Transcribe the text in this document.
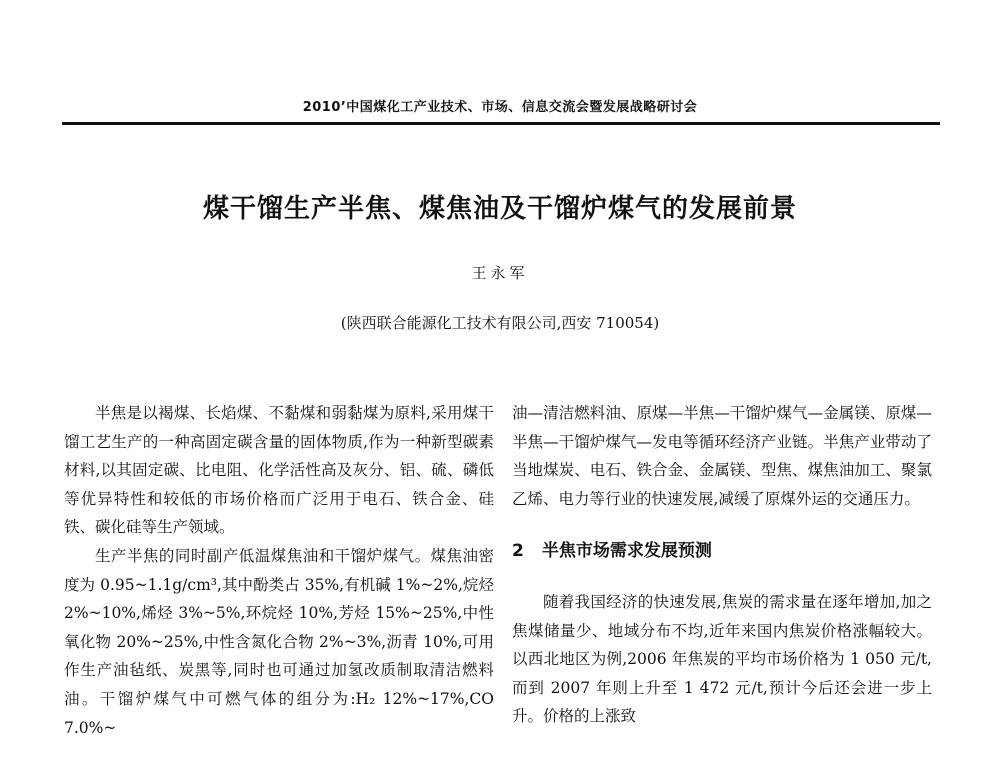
2010’中国煤化工产业技术、市场、信息交流会暨发展战略研讨会
煤干馏生产半焦、煤焦油及干馏炉煤气的发展前景
王永军
(陕西联合能源化工技术有限公司,西安 710054)

半焦是以褐煤、长焰煤、不黏煤和弱黏煤为原料,采用煤干馏工艺生产的一种高固定碳含量的固体物质,作为一种新型碳素材料,以其固定碳、比电阻、化学活性高及灰分、铝、硫、磷低等优异特性和较低的市场价格而广泛用于电石、铁合金、硅铁、碳化硅等生产领域。

生产半焦的同时副产低温煤焦油和干馏炉煤气。煤焦油密度为 0.95~1.1g/cm³,其中酚类占 35%,有机碱 1%~2%,烷烃 2%~10%,烯烃 3%~5%,环烷烃 10%,芳烃 15%~25%,中性氧化物 20%~25%,中性含氮化合物 2%~3%,沥青 10%,可用作生产油毡纸、炭黑等,同时也可通过加氢改质制取清洁燃料油。干馏炉煤气中可燃气体的组分为:H₂ 12%~17%,CO 7.0%~

油—清洁燃料油、原煤—半焦—干馏炉煤气—金属镁、原煤—半焦—干馏炉煤气—发电等循环经济产业链。半焦产业带动了当地煤炭、电石、铁合金、金属镁、型焦、煤焦油加工、聚氯乙烯、电力等行业的快速发展,减缓了原煤外运的交通压力。

2 半焦市场需求发展预测

随着我国经济的快速发展,焦炭的需求量在逐年增加,加之焦煤储量少、地域分布不均,近年来国内焦炭价格涨幅较大。以西北地区为例,2006 年焦炭的平均市场价格为 1 050 元/t,而到 2007 年则上升至 1 472 元/t,预计今后还会进一步上升。价格的上涨致
